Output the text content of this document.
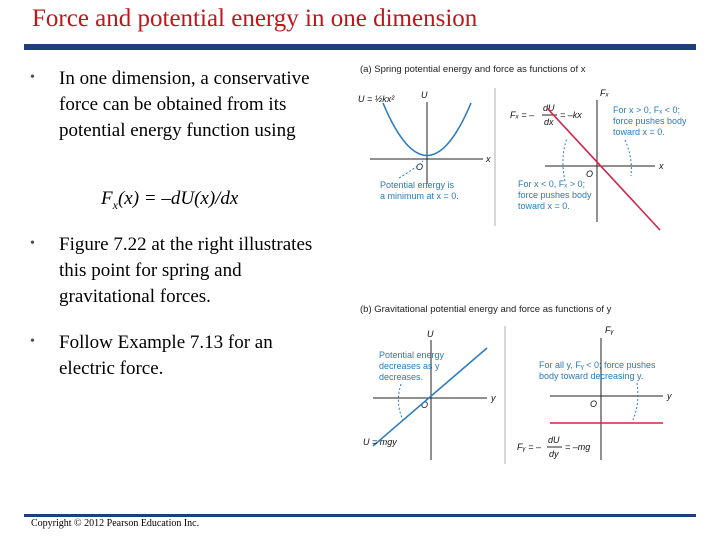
Force and potential energy in one dimension
• In one dimension, a conservative force can be obtained from its potential energy function using
$F_x(x) = -dU(x)/dx$
• Figure 7.22 at the right illustrates this point for spring and gravitational forces.
• Follow Example 7.13 for an electric force.
(a) Spring potential energy and force as functions of x
U = ½kx²	U
x
O
Potential energy is
a minimum at x = 0.
Fₓ
x
O
Fₓ = –
dU
dx
= –kx	For x > 0, Fₓ < 0;
force pushes body
toward x = 0.
For x < 0, Fₓ > 0;
force pushes body
toward x = 0.
(b) Gravitational potential energy and force as functions of y
U
y
O
Potential energy
decreases as y
decreases.
U = mgy
Fᵧ
y
O
For all y, Fᵧ < 0; force pushes
body toward decreasing y.
Fᵧ = –
dU
dy
= –mg
Copyright © 2012 Pearson Education Inc.
